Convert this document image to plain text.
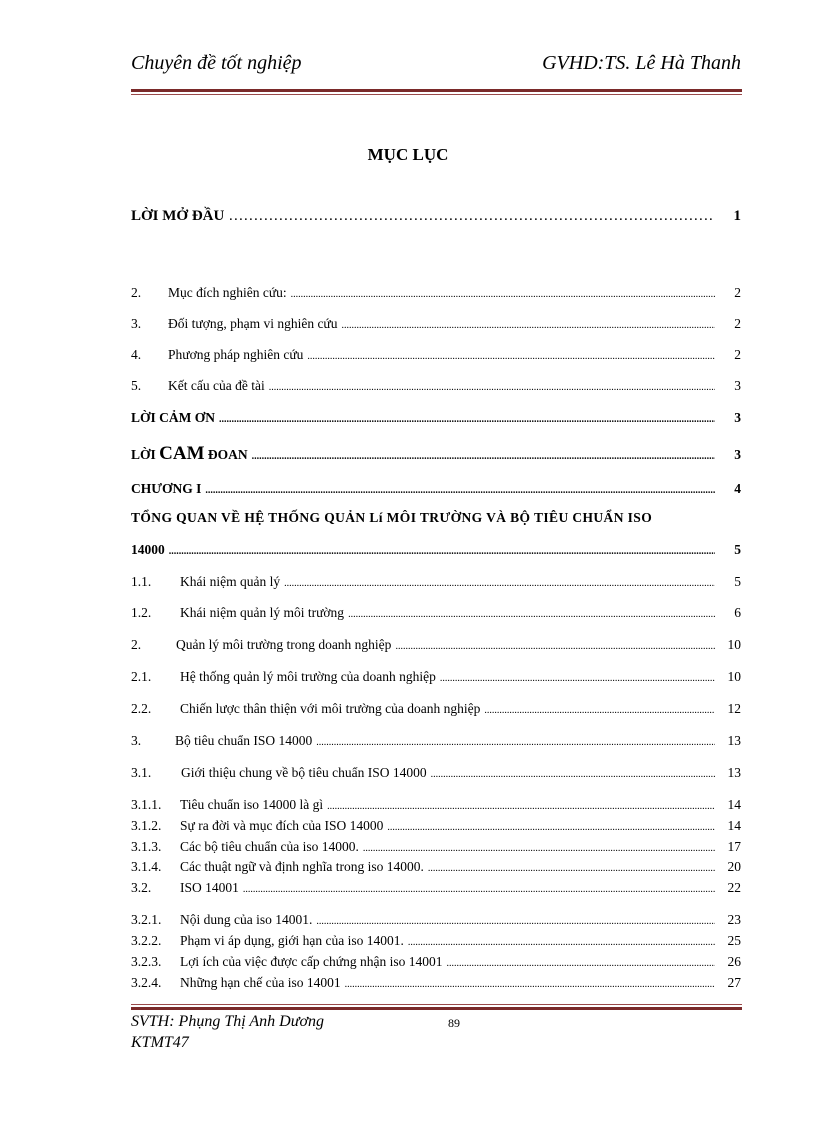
Chuyên đề tốt nghiệp	GVHD:TS. Lê Hà Thanh
MỤC LỤC
LỜI MỞ ĐẦU …………………………………………………………………………………………………………………………………………………………………………	1
2.	Mục đích nghiên cứu: .....	2
3.	Đối tượng, phạm vi nghiên cứu .....	2
4.	Phương pháp nghiên cứu .....	2
5.	Kết cấu của đề tài .....	3
LỜI CẢM ƠN .....	3
LỜI CAM ĐOAN .....	3
CHƯƠNG I .....	4
TỔNG QUAN VỀ HỆ THỐNG QUẢN Lí MÔI TRƯỜNG VÀ BỘ TIÊU CHUẨN ISO
14000 .....	5
1.1.	Khái niệm quản lý .....	5
1.2.	Khái niệm quản lý môi trường .....	6
2.	Quản lý môi trường trong doanh nghiệp .....	10
2.1.	Hệ thống quản lý môi trường của doanh nghiệp .....	10
2.2.	Chiến lược thân thiện với môi trường của doanh nghiệp .....	12
3.	Bộ tiêu chuẩn ISO 14000 .....	13
3.1.	Giới thiệu chung về bộ tiêu chuẩn ISO 14000 .....	13
3.1.1.	Tiêu chuẩn iso 14000 là gì .....	14
3.1.2.	Sự ra đời và mục đích của ISO 14000 .....	14
3.1.3.	Các bộ tiêu chuẩn của iso 14000. .....	17
3.1.4.	Các thuật ngữ và định nghĩa trong iso 14000. .....	20
3.2.	ISO 14001 .....	22
3.2.1.	Nội dung của iso 14001. .....	23
3.2.2.	Phạm vi áp dụng, giới hạn của iso 14001. .....	25
3.2.3.	Lợi ích của việc được cấp chứng nhận iso 14001 .....	26
3.2.4.	Những hạn chế của iso 14001 .....	27
SVTH: Phụng Thị Anh Dương
KTMT47
89
